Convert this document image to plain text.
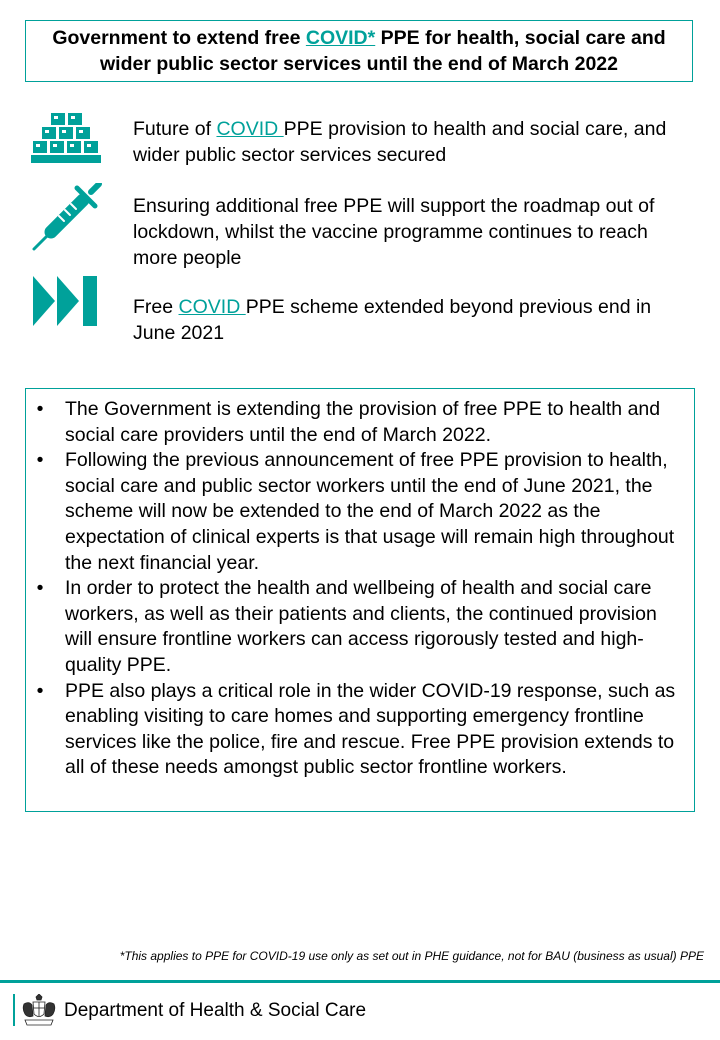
Government to extend free COVID* PPE for health, social care and wider public sector services until the end of March 2022
Future of COVID PPE provision to health and social care, and wider public sector services secured
Ensuring additional free PPE will support the roadmap out of lockdown, whilst the vaccine programme continues to reach more people
Free COVID PPE scheme extended beyond previous end in June 2021
• The Government is extending the provision of free PPE to health and social care providers until the end of March 2022.
• Following the previous announcement of free PPE provision to health, social care and public sector workers until the end of June 2021, the scheme will now be extended to the end of March 2022 as the expectation of clinical experts is that usage will remain high throughout the next financial year.
• In order to protect the health and wellbeing of health and social care workers, as well as their patients and clients, the continued provision will ensure frontline workers can access rigorously tested and high-quality PPE.
• PPE also plays a critical role in the wider COVID-19 response, such as enabling visiting to care homes and supporting emergency frontline services like the police, fire and rescue. Free PPE provision extends to all of these needs amongst public sector frontline workers.
*This applies to PPE for COVID-19 use only as set out in PHE guidance, not for BAU (business as usual) PPE
Department of Health & Social Care
